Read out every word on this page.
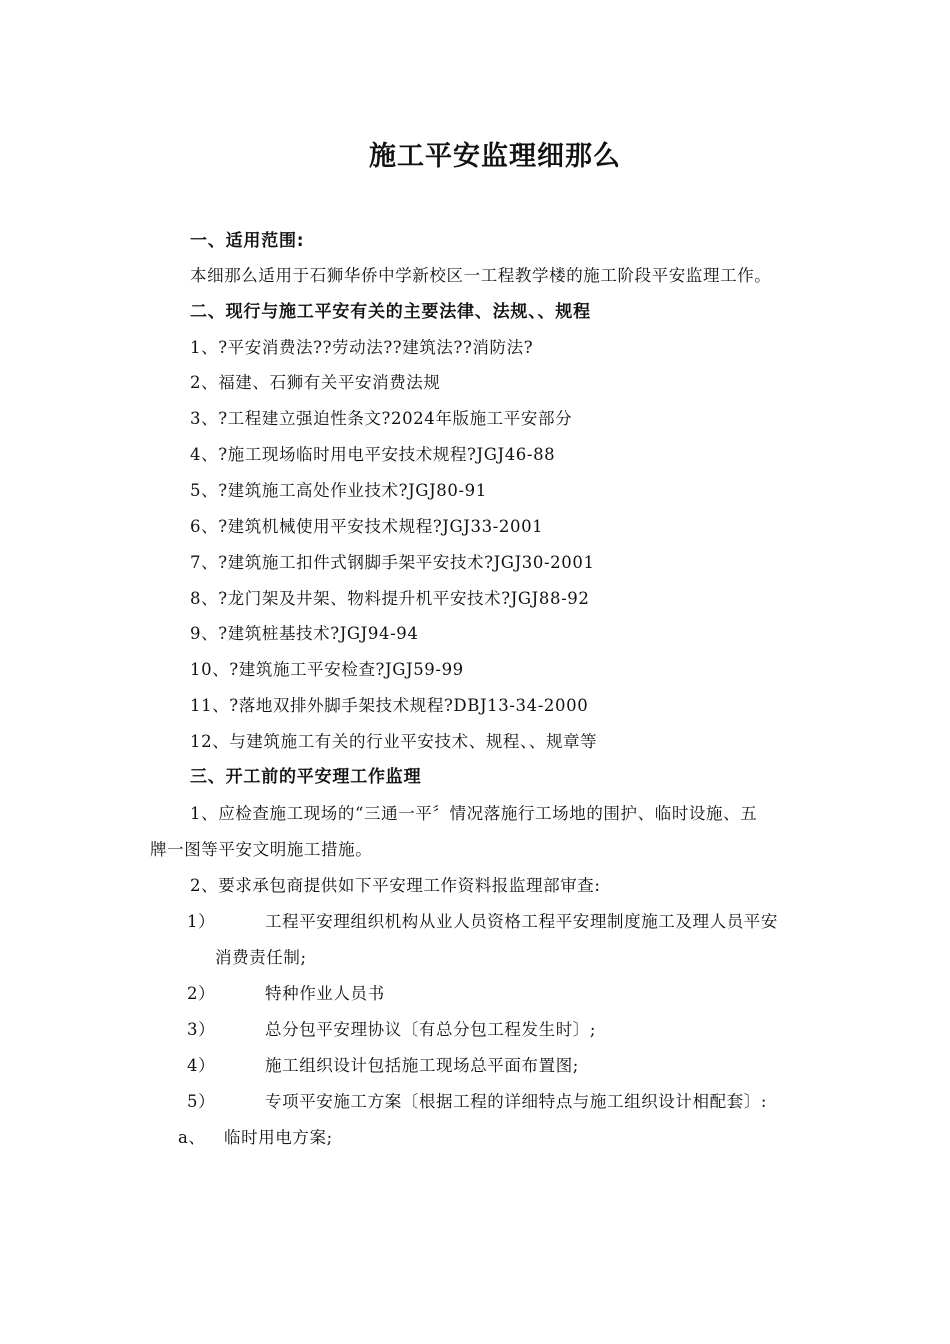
施工平安监理细那么
一、适用范围:
本细那么适用于石狮华侨中学新校区一工程教学楼的施工阶段平安监理工作。
二、现行与施工平安有关的主要法律、法规、、规程
1、?平安消费法??劳动法??建筑法??消防法?
2、福建、石狮有关平安消费法规
3、?工程建立强迫性条文?2024年版施工平安部分
4、?施工现场临时用电平安技术规程?JGJ46-88
5、?建筑施工高处作业技术?JGJ80-91
6、?建筑机械使用平安技术规程?JGJ33-2001
7、?建筑施工扣件式钢脚手架平安技术?JGJ30-2001
8、?龙门架及井架、物料提升机平安技术?JGJ88-92
9、?建筑桩基技术?JGJ94-94
10、?建筑施工平安检查?JGJ59-99
11、?落地双排外脚手架技术规程?DBJ13-34-2000
12、与建筑施工有关的行业平安技术、规程、、规章等
三、开工前的平安理工作监理
1、应检查施工现场的“三通一平〞情况落施行工场地的围护、临时设施、五
牌一图等平安文明施工措施。
2、要求承包商提供如下平安理工作资料报监理部审查:
1）	工程平安理组织机构从业人员资格工程平安理制度施工及理人员平安
消费责任制;
2）	特种作业人员书
3）	总分包平安理协议〔有总分包工程发生时〕;
4）	施工组织设计包括施工现场总平面布置图;
5）	专项平安施工方案〔根据工程的详细特点与施工组织设计相配套〕:
a、 临时用电方案;
